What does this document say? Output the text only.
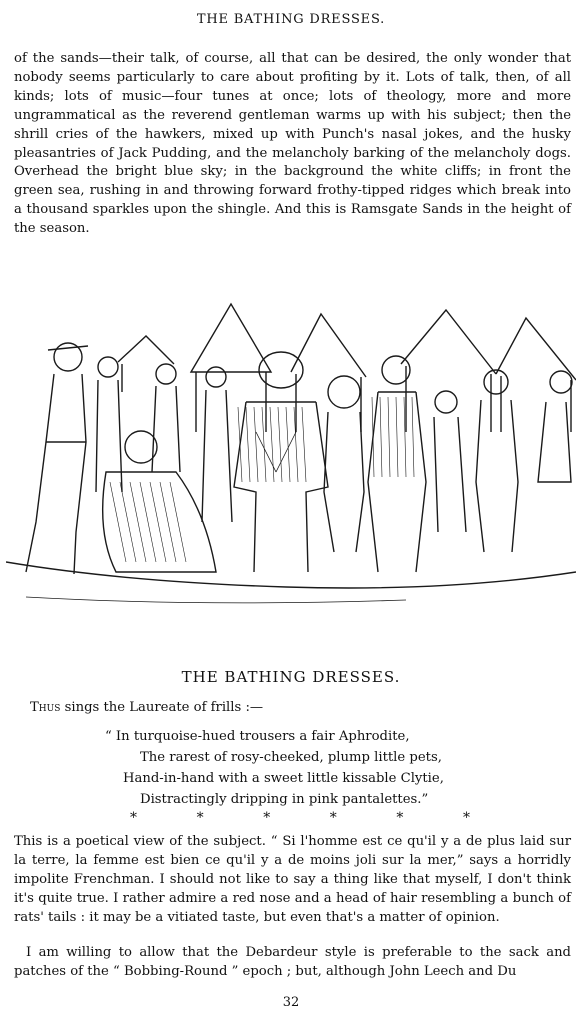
THE BATHING DRESSES.

of the sands—their talk, of course, all that can be desired, the only wonder that nobody seems particularly to care about profiting by it. Lots of talk, then, of all kinds; lots of music—four tunes at once; lots of theology, more and more ungrammatical as the reverend gentleman warms up with his subject; then the shrill cries of the hawkers, mixed up with Punch's nasal jokes, and the husky pleasantries of Jack Pudding, and the melancholy barking of the melancholy dogs. Overhead the bright blue sky; in the background the white cliffs; in front the green sea, rushing in and throwing forward frothy-tipped ridges which break into a thousand sparkles upon the shingle. And this is Ramsgate Sands in the height of the season.

THE BATHING DRESSES.
Thus sings the Laureate of frills :—
“ In turquoise-hued trousers a fair Aphrodite,
The rarest of rosy-cheeked, plump little pets,
Hand-in-hand with a sweet little kissable Clytie,
Distractingly dripping in pink pantalettes.”
*	*	*	*	*	*

This is a poetical view of the subject. “ Si l'homme est ce qu'il y a de plus laid sur la terre, la femme est bien ce qu'il y a de moins joli sur la mer,” says a horridly impolite Frenchman. I should not like to say a thing like that myself, I don't think it's quite true. I rather admire a red nose and a head of hair resembling a bunch of rats' tails : it may be a vitiated taste, but even that's a matter of opinion.

I am willing to allow that the Debardeur style is preferable to the sack and patches of the “ Bobbing-Round ” epoch ; but, although John Leech and Du

32
